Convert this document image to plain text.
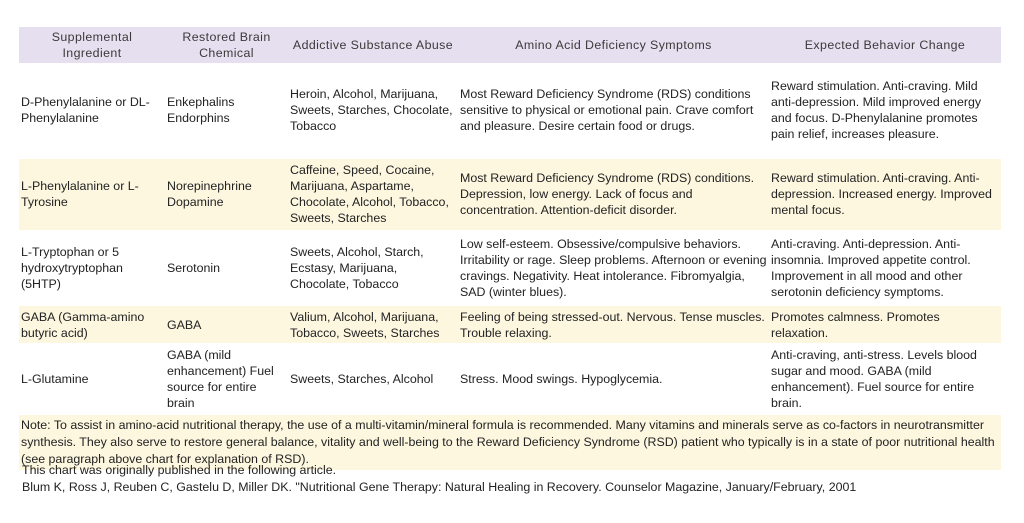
Supplemental Ingredient	Restored Brain Chemical	Addictive Substance Abuse	Amino Acid Deficiency Symptoms	Expected Behavior Change
D-Phenylalanine or DL-Phenylalanine	Enkephalins Endorphins	Heroin, Alcohol, Marijuana, Sweets, Starches, Chocolate, Tobacco	Most Reward Deficiency Syndrome (RDS) conditions sensitive to physical or emotional pain. Crave comfort and pleasure. Desire certain food or drugs.	Reward stimulation. Anti-craving. Mild anti-depression. Mild improved energy and focus. D-Phenylalanine promotes pain relief, increases pleasure.
L-Phenylalanine or L-Tyrosine	Norepinephrine Dopamine	Caffeine, Speed, Cocaine, Marijuana, Aspartame, Chocolate, Alcohol, Tobacco, Sweets, Starches	Most Reward Deficiency Syndrome (RDS) conditions. Depression, low energy. Lack of focus and concentration. Attention-deficit disorder.	Reward stimulation. Anti-craving. Anti-depression. Increased energy. Improved mental focus.
L-Tryptophan or 5 hydroxytryptophan (5HTP)	Serotonin	Sweets, Alcohol, Starch, Ecstasy, Marijuana, Chocolate, Tobacco	Low self-esteem. Obsessive/compulsive behaviors. Irritability or rage. Sleep problems. Afternoon or evening cravings. Negativity. Heat intolerance. Fibromyalgia, SAD (winter blues).	Anti-craving. Anti-depression. Anti-insomnia. Improved appetite control. Improvement in all mood and other serotonin deficiency symptoms.
GABA (Gamma-amino butyric acid)	GABA	Valium, Alcohol, Marijuana, Tobacco, Sweets, Starches	Feeling of being stressed-out. Nervous. Tense muscles. Trouble relaxing.	Promotes calmness. Promotes relaxation.
L-Glutamine	GABA (mild enhancement) Fuel source for entire brain	Sweets, Starches, Alcohol	Stress. Mood swings. Hypoglycemia.	Anti-craving, anti-stress. Levels blood sugar and mood. GABA (mild enhancement). Fuel source for entire brain.
Note: To assist in amino-acid nutritional therapy, the use of a multi-vitamin/mineral formula is recommended. Many vitamins and minerals serve as co-factors in neurotransmitter synthesis. They also serve to restore general balance, vitality and well-being to the Reward Deficiency Syndrome (RSD) patient who typically is in a state of poor nutritional health (see paragraph above chart for explanation of RSD).				
This chart was originally published in the following article.
Blum K, Ross J, Reuben C, Gastelu D, Miller DK. "Nutritional Gene Therapy: Natural Healing in Recovery. Counselor Magazine, January/February, 2001
